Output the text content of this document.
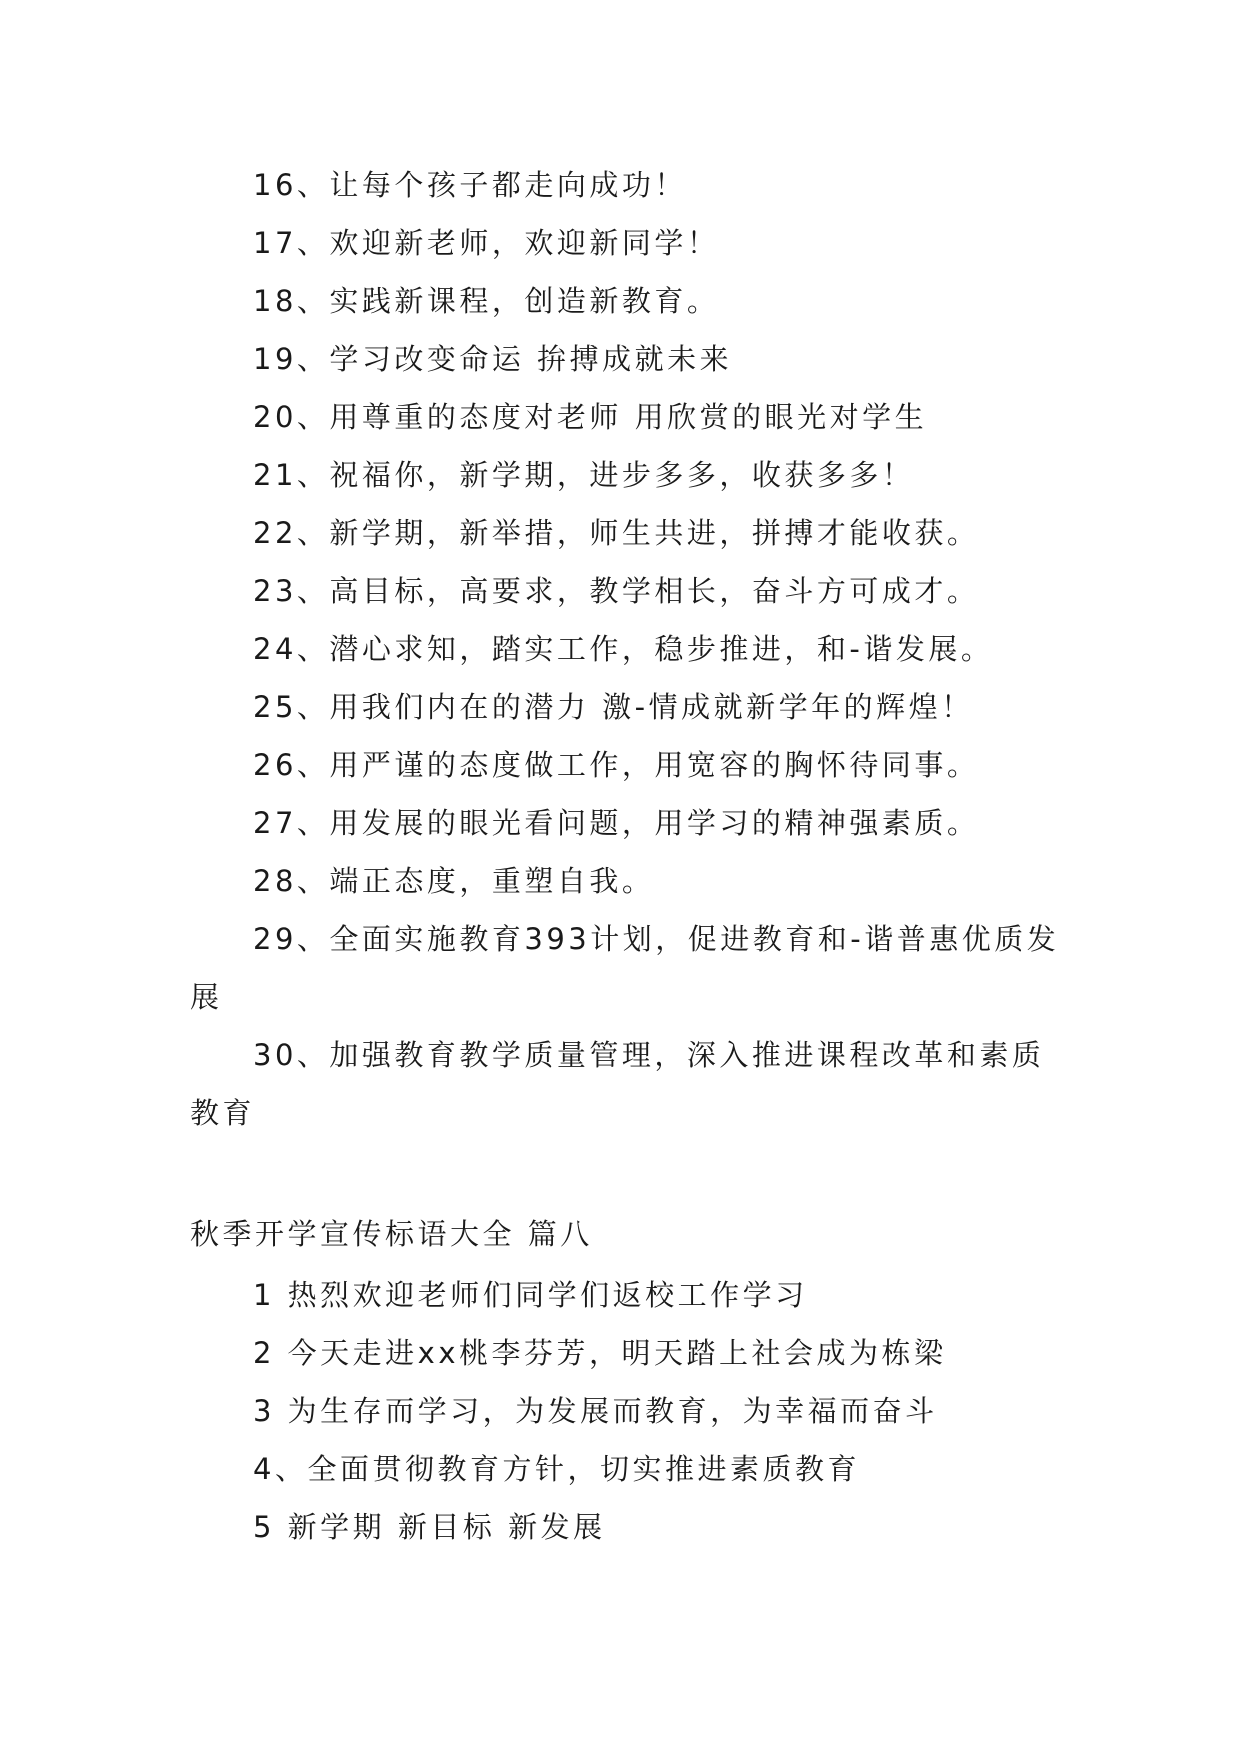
16、让每个孩子都走向成功！

17、欢迎新老师，欢迎新同学！

18、实践新课程，创造新教育。

19、学习改变命运 拚搏成就未来

20、用尊重的态度对老师 用欣赏的眼光对学生

21、祝福你，新学期，进步多多，收获多多！

22、新学期，新举措，师生共进，拼搏才能收获。

23、高目标，高要求，教学相长，奋斗方可成才。

24、潜心求知，踏实工作，稳步推进，和-谐发展。

25、用我们内在的潜力 激-情成就新学年的辉煌！

26、用严谨的态度做工作，用宽容的胸怀待同事。

27、用发展的眼光看问题，用学习的精神强素质。

28、端正态度，重塑自我。

29、全面实施教育393计划，促进教育和-谐普惠优质发展

30、加强教育教学质量管理，深入推进课程改革和素质教育

秋季开学宣传标语大全 篇八

1 热烈欢迎老师们同学们返校工作学习

2 今天走进xx桃李芬芳，明天踏上社会成为栋梁

3 为生存而学习，为发展而教育，为幸福而奋斗

4、全面贯彻教育方针，切实推进素质教育

5 新学期 新目标 新发展
